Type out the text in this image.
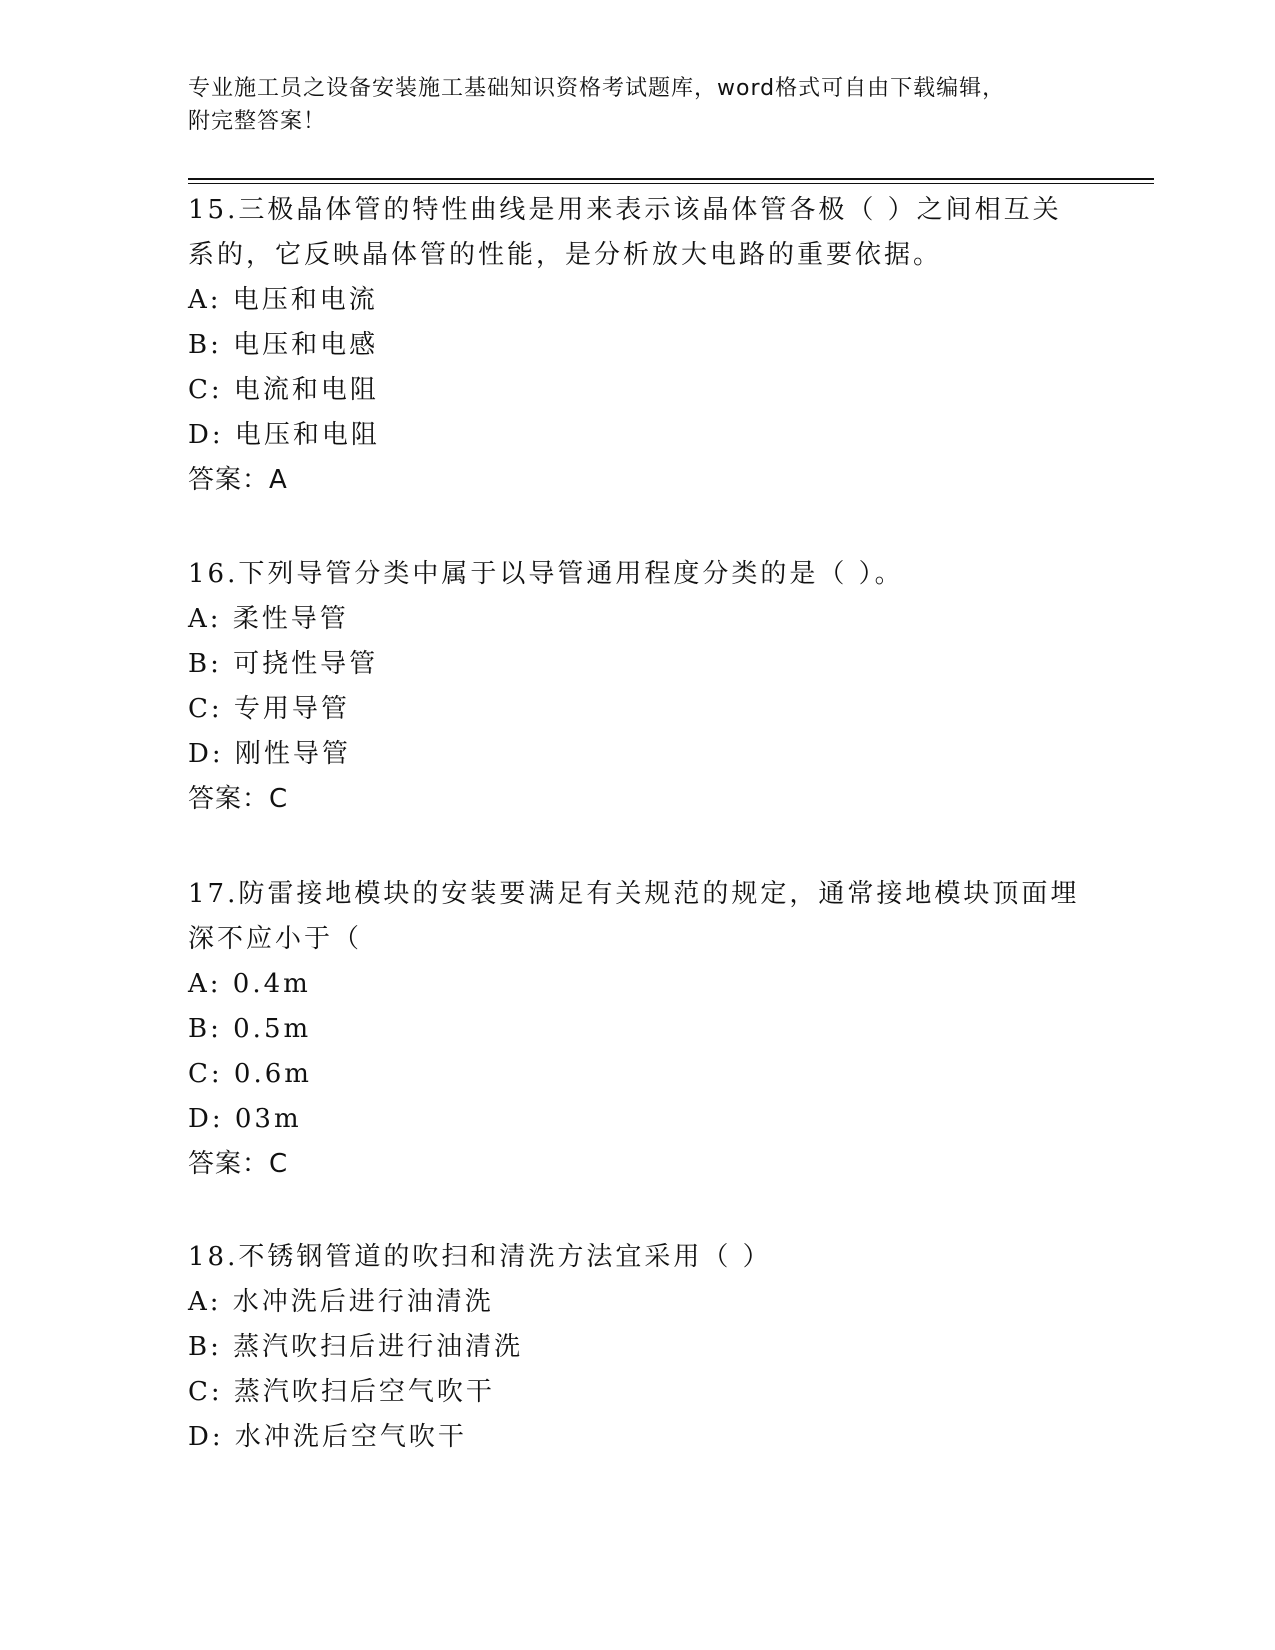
专业施工员之设备安装施工基础知识资格考试题库，word格式可自由下载编辑，
附完整答案！
15.三极晶体管的特性曲线是用来表示该晶体管各极（ ）之间相互关
系的，它反映晶体管的性能，是分析放大电路的重要依据。
A: 电压和电流
B: 电压和电感
C: 电流和电阻
D: 电压和电阻
答案：A
16.下列导管分类中属于以导管通用程度分类的是（ ）。
A: 柔性导管
B: 可挠性导管
C: 专用导管
D: 刚性导管
答案：C
17.防雷接地模块的安装要满足有关规范的规定，通常接地模块顶面埋
深不应小于（
A: 0.4m
B: 0.5m
C: 0.6m
D: 03m
答案：C
18.不锈钢管道的吹扫和清洗方法宜采用（ ）
A: 水冲洗后进行油清洗
B: 蒸汽吹扫后进行油清洗
C: 蒸汽吹扫后空气吹干
D: 水冲洗后空气吹干
